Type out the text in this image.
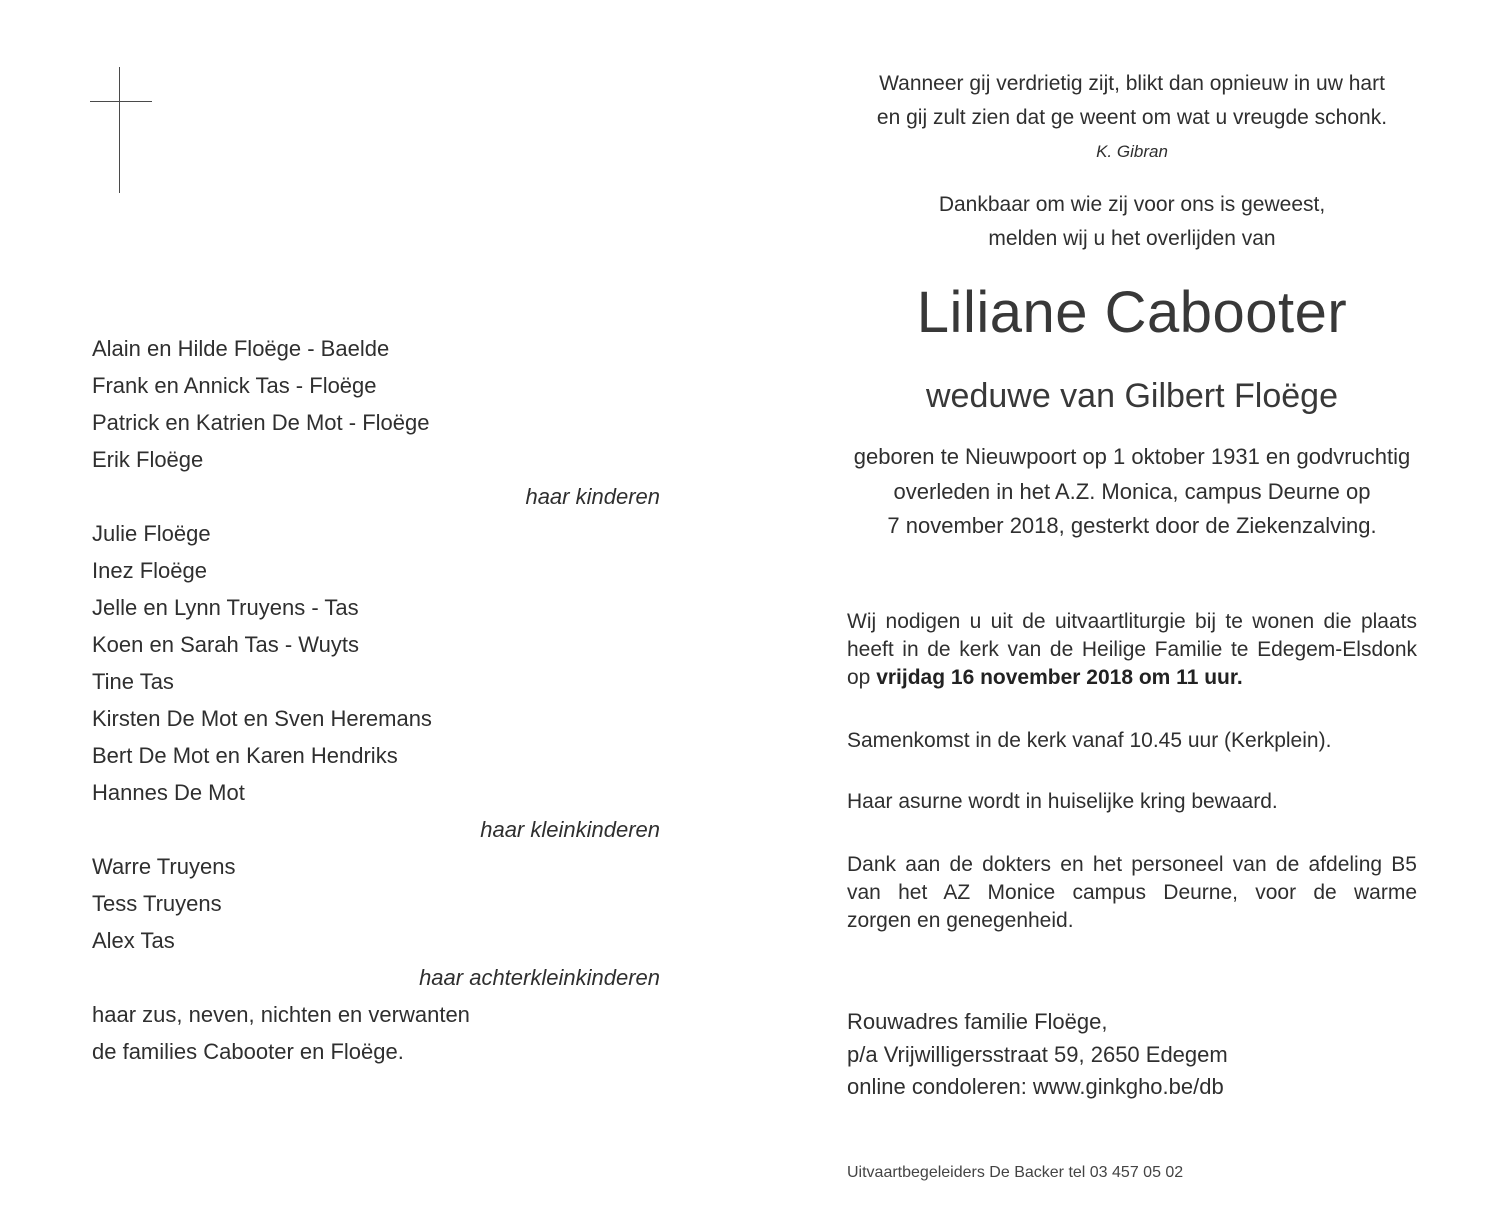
Alain en Hilde Floëge - Baelde
Frank en Annick Tas - Floëge
Patrick en Katrien De Mot - Floëge
Erik Floëge
haar kinderen
Julie Floëge
Inez Floëge
Jelle en Lynn Truyens - Tas
Koen en Sarah Tas - Wuyts
Tine Tas
Kirsten De Mot en Sven Heremans
Bert De Mot en Karen Hendriks
Hannes De Mot
haar kleinkinderen
Warre Truyens
Tess Truyens
Alex Tas
haar achterkleinkinderen
haar zus, neven, nichten en verwanten
de families Cabooter en Floëge.
Wanneer gij verdrietig zijt, blikt dan opnieuw in uw hart
en gij zult zien dat ge weent om wat u vreugde schonk.
K. Gibran
Dankbaar om wie zij voor ons is geweest,
melden wij u het overlijden van
Liliane Cabooter
weduwe van Gilbert Floëge
geboren te Nieuwpoort op 1 oktober 1931 en godvruchtig
overleden in het A.Z. Monica, campus Deurne op
7 november 2018, gesterkt door de Ziekenzalving.
Wij nodigen u uit de uitvaartliturgie bij te wonen die plaats
heeft in de kerk van de Heilige Familie te Edegem-Elsdonk
op vrijdag 16 november 2018 om 11 uur.
Samenkomst in de kerk vanaf 10.45 uur (Kerkplein).
Haar asurne wordt in huiselijke kring bewaard.
Dank aan de dokters en het personeel van de afdeling B5
van het AZ Monice campus Deurne, voor de warme
zorgen en genegenheid.
Rouwadres familie Floëge,
p/a Vrijwilligersstraat 59, 2650 Edegem
online condoleren: www.ginkgho.be/db
Uitvaartbegeleiders De Backer tel 03 457 05 02
